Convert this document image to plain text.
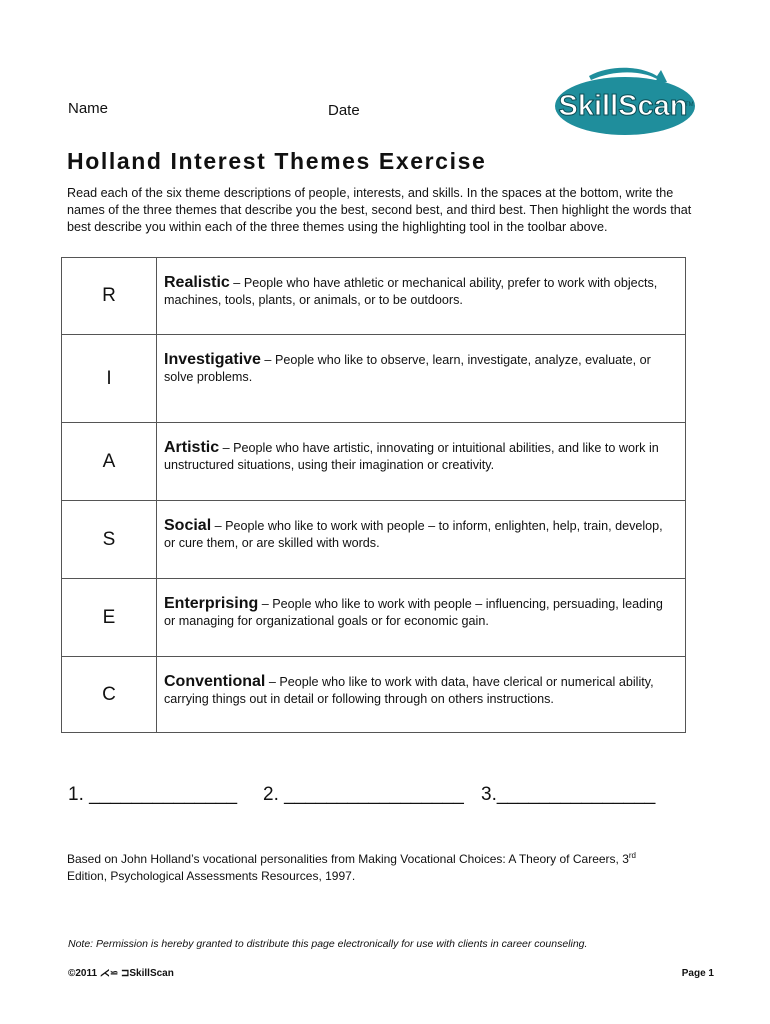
Name	Date	SkillScan
TM
Holland Interest Themes Exercise
Read each of the six theme descriptions of people, interests, and skills. In the spaces at the bottom, write the names of the three themes that describe you the best, second best, and third best. Then highlight the words that best describe you within each of the three themes using the highlighting tool in the toolbar above.
R	Realistic – People who have athletic or mechanical ability, prefer to work with objects, machines, tools, plants, or animals, or to be outdoors.
I	Investigative – People who like to observe, learn, investigate, analyze, evaluate, or solve problems.
A	Artistic – People who have artistic, innovating or intuitional abilities, and like to work in unstructured situations, using their imagination or creativity.
S	Social – People who like to work with people – to inform, enlighten, help, train, develop, or cure them, or are skilled with words.
E	Enterprising – People who like to work with people – influencing, persuading, leading or managing for organizational goals or for economic gain.
C	Conventional – People who like to work with data, have clerical or numerical ability, carrying things out in detail or following through on others instructions.
1. ______________ 2. _________________ 3._______________
Based on John Holland’s vocational personalities from Making Vocational Choices: A Theory of Careers, 3rd
Edition, Psychological Assessments Resources, 1997.
Note: Permission is hereby granted to distribute this page electronically for use with clients in career counseling.
©2011 ⋌⋍ ⊐SkillScan	Page 1
